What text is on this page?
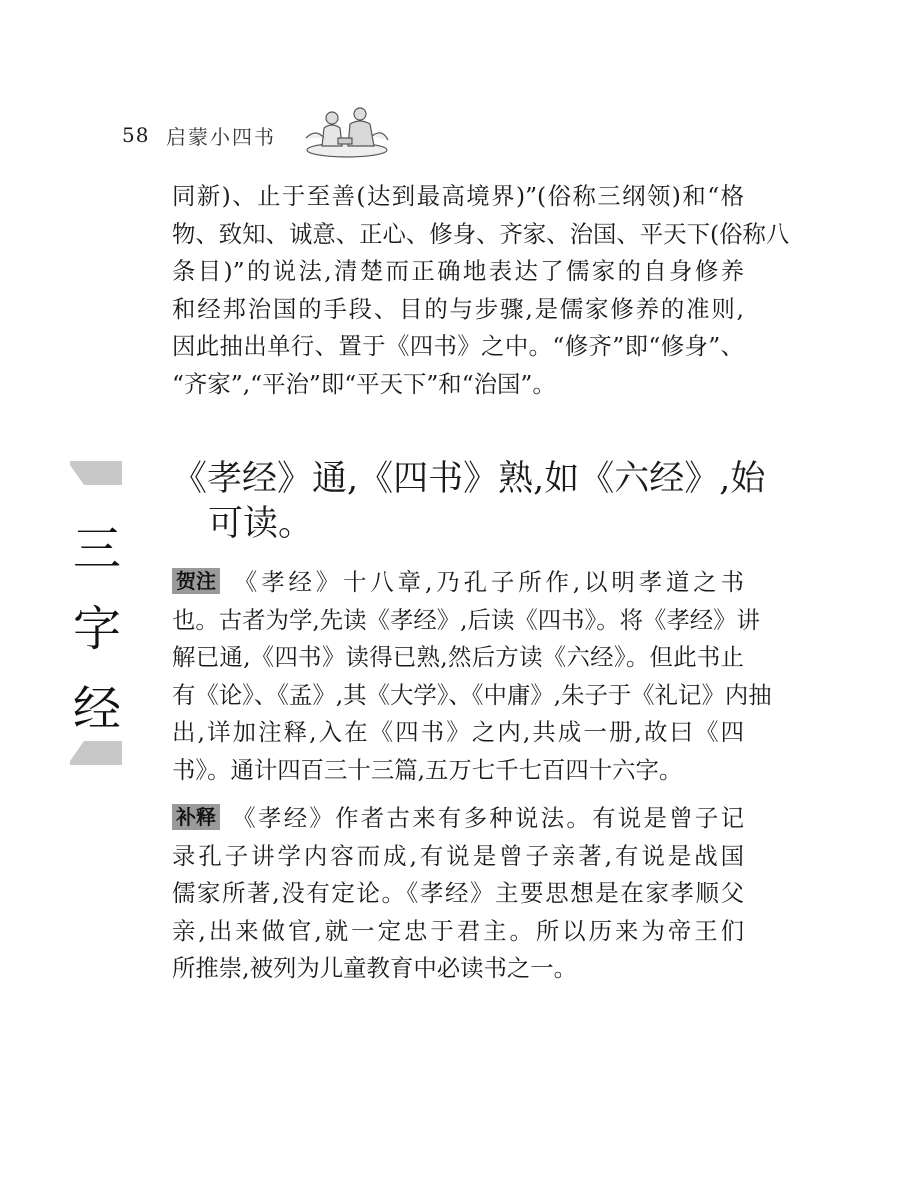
58 启蒙小四书
同新)、止于至善(达到最高境界)”(俗称三纲领)和“格
物、致知、诚意、正心、修身、齐家、治国、平天下(俗称八
条目)”的说法,清楚而正确地表达了儒家的自身修养
和经邦治国的手段、目的与步骤,是儒家修养的准则,
因此抽出单行、置于《四书》之中。“修齐”即“修身”、
“齐家”,“平治”即“平天下”和“治国”。
三
字
经
《孝经》通,《四书》熟,如《六经》,始
可读。
贺注 《孝经》十八章,乃孔子所作,以明孝道之书
也。古者为学,先读《孝经》,后读《四书》。将《孝经》讲
解已通,《四书》读得已熟,然后方读《六经》。但此书止
有《论》、《孟》,其《大学》、《中庸》,朱子于《礼记》内抽
出,详加注释,入在《四书》之内,共成一册,故曰《四
书》。通计四百三十三篇,五万七千七百四十六字。
补释 《孝经》作者古来有多种说法。有说是曾子记
录孔子讲学内容而成,有说是曾子亲著,有说是战国
儒家所著,没有定论。《孝经》主要思想是在家孝顺父
亲,出来做官,就一定忠于君主。所以历来为帝王们
所推崇,被列为儿童教育中必读书之一。
